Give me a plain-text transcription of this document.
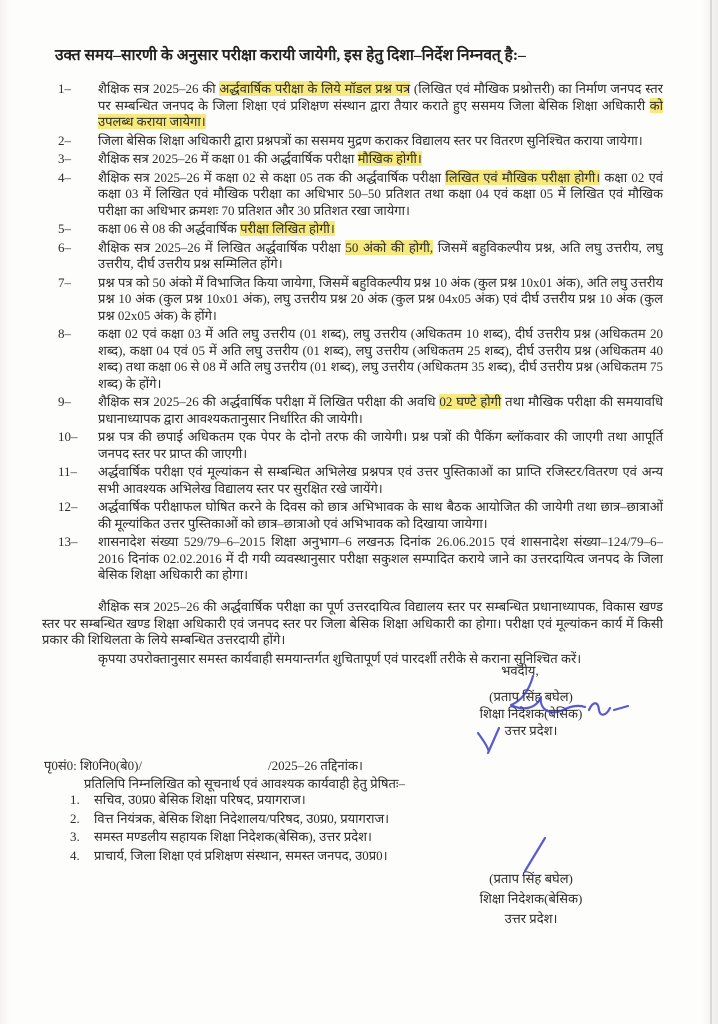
उक्त समय–सारणी के अनुसार परीक्षा करायी जायेगी, इस हेतु दिशा–निर्देश निम्नवत् है:–
1–	शैक्षिक सत्र 2025–26 की अर्द्धवार्षिक परीक्षा के लिये मॉडल प्रश्न पत्र (लिखित एवं मौखिक प्रश्नोत्तरी) का निर्माण जनपद स्तर पर सम्बन्धित जनपद के जिला शिक्षा एवं प्रशिक्षण संस्थान द्वारा तैयार कराते हुए ससमय जिला बेसिक शिक्षा अधिकारी को उपलब्ध कराया जायेगा।
2–	जिला बेसिक शिक्षा अधिकारी द्वारा प्रश्नपत्रों का ससमय मुद्रण कराकर विद्यालय स्तर पर वितरण सुनिश्चित कराया जायेगा।
3–	शैक्षिक सत्र 2025–26 में कक्षा 01 की अर्द्धवार्षिक परीक्षा मौखिक होगी।
4–	शैक्षिक सत्र 2025–26 में कक्षा 02 से कक्षा 05 तक की अर्द्धवार्षिक परीक्षा लिखित एवं मौखिक परीक्षा होगी। कक्षा 02 एवं कक्षा 03 में लिखित एवं मौखिक परीक्षा का अधिभार 50–50 प्रतिशत तथा कक्षा 04 एवं कक्षा 05 में लिखित एवं मौखिक परीक्षा का अधिभार क्रमशः 70 प्रतिशत और 30 प्रतिशत रखा जायेगा।
5–	कक्षा 06 से 08 की अर्द्धवार्षिक परीक्षा लिखित होगी।
6–	शैक्षिक सत्र 2025–26 में लिखित अर्द्धवार्षिक परीक्षा 50 अंको की होगी, जिसमें बहुविकल्पीय प्रश्न, अति लघु उत्तरीय, लघु उत्तरीय, दीर्घ उत्तरीय प्रश्न सम्मिलित होंगे।
7–	प्रश्न पत्र को 50 अंको में विभाजित किया जायेगा, जिसमें बहुविकल्पीय प्रश्न 10 अंक (कुल प्रश्न 10x01 अंक), अति लघु उत्तरीय प्रश्न 10 अंक (कुल प्रश्न 10x01 अंक), लघु उत्तरीय प्रश्न 20 अंक (कुल प्रश्न 04x05 अंक) एवं दीर्घ उत्तरीय प्रश्न 10 अंक (कुल प्रश्न 02x05 अंक) के होंगे।
8–	कक्षा 02 एवं कक्षा 03 में अति लघु उत्तरीय (01 शब्द), लघु उत्तरीय (अधिकतम 10 शब्द), दीर्घ उत्तरीय प्रश्न (अधिकतम 20 शब्द), कक्षा 04 एवं 05 में अति लघु उत्तरीय (01 शब्द), लघु उत्तरीय (अधिकतम 25 शब्द), दीर्घ उत्तरीय प्रश्न (अधिकतम 40 शब्द) तथा कक्षा 06 से 08 में अति लघु उत्तरीय (01 शब्द), लघु उत्तरीय (अधिकतम 35 शब्द), दीर्घ उत्तरीय प्रश्न (अधिकतम 75 शब्द) के होंगे।
9–	शैक्षिक सत्र 2025–26 की अर्द्धवार्षिक परीक्षा में लिखित परीक्षा की अवधि 02 घण्टे होगी तथा मौखिक परीक्षा की समयावधि प्रधानाध्यापक द्वारा आवश्यकतानुसार निर्धारित की जायेगी।
10–	प्रश्न पत्र की छपाई अधिकतम एक पेपर के दोनो तरफ की जायेगी। प्रश्न पत्रों की पैकिंग ब्लॉकवार की जाएगी तथा आपूर्ति जनपद स्तर पर प्राप्त की जाएगी।
11–	अर्द्धवार्षिक परीक्षा एवं मूल्यांकन से सम्बन्धित अभिलेख प्रश्नपत्र एवं उत्तर पुस्तिकाओं का प्राप्ति रजिस्टर/वितरण एवं अन्य सभी आवश्यक अभिलेख विद्यालय स्तर पर सुरक्षित रखे जायेंगे।
12–	अर्द्धवार्षिक परीक्षाफल घोषित करने के दिवस को छात्र अभिभावक के साथ बैठक आयोजित की जायेगी तथा छात्र–छात्राओं की मूल्यांकित उत्तर पुस्तिकाओं को छात्र–छात्राओ एवं अभिभावक को दिखाया जायेगा।
13–	शासनादेश संख्या 529/79–6–2015 शिक्षा अनुभाग–6 लखनऊ दिनांक 26.06.2015 एवं शासनादेश संख्या–124/79–6–2016 दिनांक 02.02.2016 में दी गयी व्यवस्थानुसार परीक्षा सकुशल सम्पादित कराये जाने का उत्तरदायित्व जनपद के जिला बेसिक शिक्षा अधिकारी का होगा।

शैक्षिक सत्र 2025–26 की अर्द्धवार्षिक परीक्षा का पूर्ण उत्तरदायित्व विद्यालय स्तर पर सम्बन्धित प्रधानाध्यापक, विकास खण्ड स्तर पर सम्बन्धित खण्ड शिक्षा अधिकारी एवं जनपद स्तर पर जिला बेसिक शिक्षा अधिकारी का होगा। परीक्षा एवं मूल्यांकन कार्य में किसी प्रकार की शिथिलता के लिये सम्बन्धित उत्तरदायी होंगे।

कृपया उपरोक्तानुसार समस्त कार्यवाही समयान्तर्गत शुचितापूर्ण एवं पारदर्शी तरीके से कराना सुनिश्चित करें।

भवदीय,
(प्रताप सिंह बघेल)
शिक्षा निदेशक(बेसिक)
उत्तर प्रदेश।
पृ0सं0: शि0नि0(बे0)/	/2025–26 तद्दिनांक।
प्रतिलिपि निम्नलिखित को सूचनार्थ एवं आवश्यक कार्यवाही हेतु प्रेषितः–
1.	सचिव, उ0प्र0 बेसिक शिक्षा परिषद, प्रयागराज।
2.	वित्त नियंत्रक, बेसिक शिक्षा निदेशालय/परिषद, उ0प्र0, प्रयागराज।
3.	समस्त मण्डलीय सहायक शिक्षा निदेशक(बेसिक), उत्तर प्रदेश।
4.	प्राचार्य, जिला शिक्षा एवं प्रशिक्षण संस्थान, समस्त जनपद, उ0प्र0।
(प्रताप सिंह बघेल)
शिक्षा निदेशक(बेसिक)
उत्तर प्रदेश।
